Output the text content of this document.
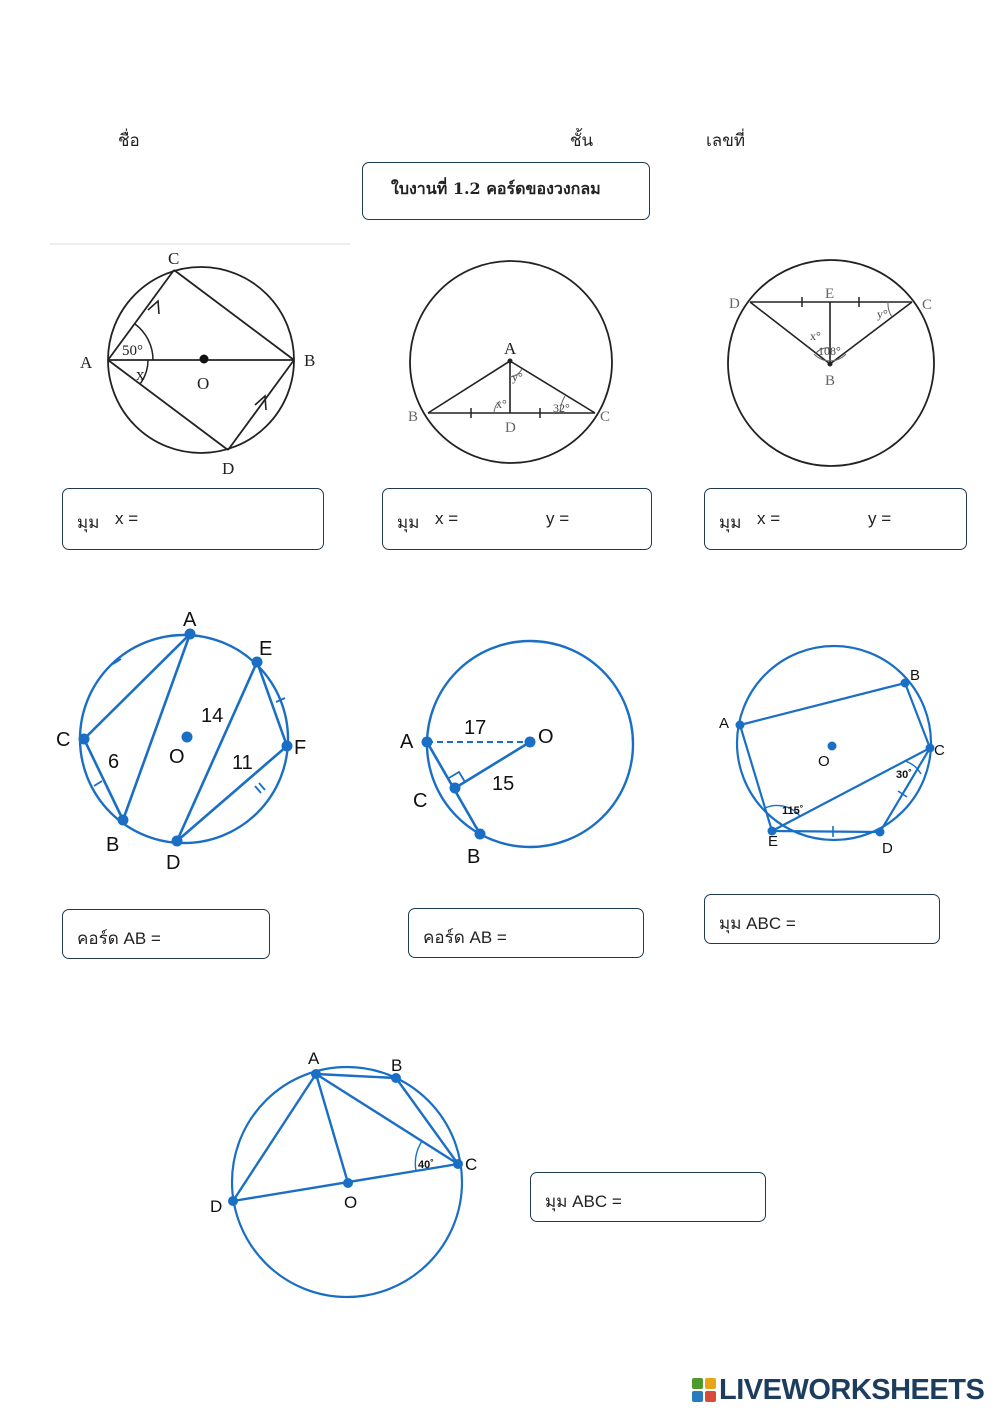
ชื่อ	ชั้น	เลขที่
ใบงานที่ 1.2 คอร์ดของวงกลม
A	B
C
D
O
50°
x
A
B	C
D
x°
y°
32°
D	C
E
B
x°
y°
108°
มุม x =	มุม x =	y =	มุม x =	y =
A
E
F
C
B
D
O
14
6	11
A	O
C
B
17
15
A
B
C
D
E
O
115˚
30˚
คอร์ด AB =	คอร์ด AB =
มุม ABC =
A	B
C
D	O
40˚
มุม ABC =
LIVEWORKSHEETS
